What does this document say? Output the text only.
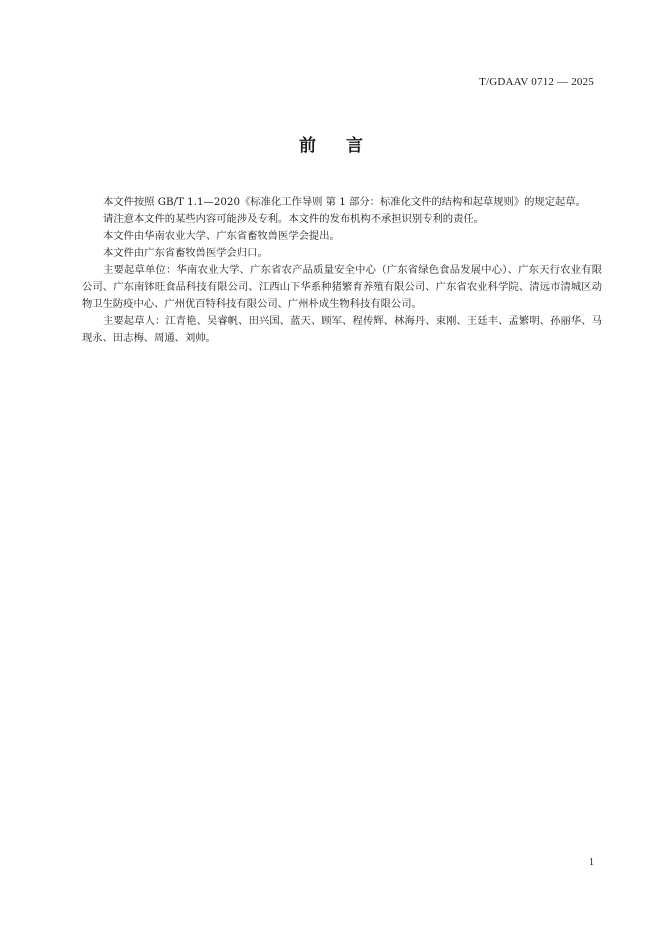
T/GDAAV 0712 — 2025
前言

本文件按照 GB/T 1.1—2020《标准化工作导则 第 1 部分：标准化文件的结构和起草规则》的规定起草。

请注意本文件的某些内容可能涉及专利。本文件的发布机构不承担识别专利的责任。

本文件由华南农业大学、广东省畜牧兽医学会提出。

本文件由广东省畜牧兽医学会归口。

主要起草单位：华南农业大学、广东省农产品质量安全中心（广东省绿色食品发展中心）、广东天行农业有限公司、广东南钵旺食品科技有限公司、江西山下华系种猪繁育养殖有限公司、广东省农业科学院、清远市清城区动物卫生防疫中心、广州优百特科技有限公司、广州朴成生物科技有限公司。

主要起草人：江青艳、吴睿帆、田兴国、蓝天、顾军、程传辉、林海丹、束刚、王廷丰、孟繁明、孙丽华、马现永、田志梅、周通、刘帅。

1
